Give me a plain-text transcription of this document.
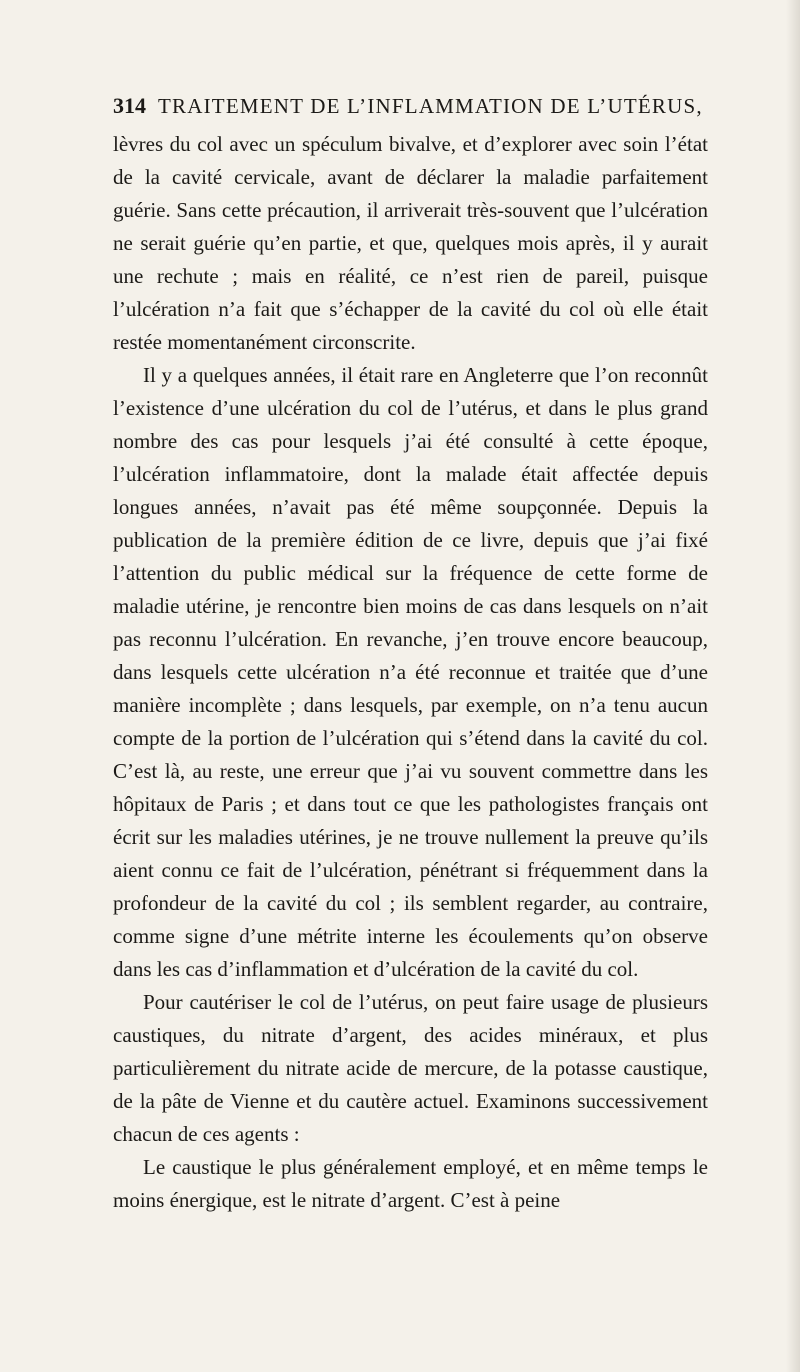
314 TRAITEMENT DE L’INFLAMMATION DE L’UTÉRUS,

lèvres du col avec un spéculum bivalve, et d’explorer avec soin l’état de la cavité cervicale, avant de déclarer la maladie parfaitement guérie. Sans cette précaution, il arriverait très-souvent que l’ulcération ne serait guérie qu’en partie, et que, quelques mois après, il y aurait une rechute ; mais en réalité, ce n’est rien de pareil, puisque l’ulcération n’a fait que s’échapper de la cavité du col où elle était restée momentanément circonscrite.

Il y a quelques années, il était rare en Angleterre que l’on reconnût l’existence d’une ulcération du col de l’utérus, et dans le plus grand nombre des cas pour lesquels j’ai été consulté à cette époque, l’ulcération inflammatoire, dont la malade était affectée depuis longues années, n’avait pas été même soupçonnée. Depuis la publication de la première édition de ce livre, depuis que j’ai fixé l’attention du public médical sur la fréquence de cette forme de maladie utérine, je rencontre bien moins de cas dans lesquels on n’ait pas reconnu l’ulcération. En revanche, j’en trouve encore beaucoup, dans lesquels cette ulcération n’a été reconnue et traitée que d’une manière incomplète ; dans lesquels, par exemple, on n’a tenu aucun compte de la portion de l’ulcération qui s’étend dans la cavité du col. C’est là, au reste, une erreur que j’ai vu souvent commettre dans les hôpitaux de Paris ; et dans tout ce que les pathologistes français ont écrit sur les maladies utérines, je ne trouve nullement la preuve qu’ils aient connu ce fait de l’ulcération, pénétrant si fréquemment dans la profondeur de la cavité du col ; ils semblent regarder, au contraire, comme signe d’une métrite interne les écoulements qu’on observe dans les cas d’inflammation et d’ulcération de la cavité du col.

Pour cautériser le col de l’utérus, on peut faire usage de plusieurs caustiques, du nitrate d’argent, des acides minéraux, et plus particulièrement du nitrate acide de mercure, de la potasse caustique, de la pâte de Vienne et du cautère actuel. Examinons successivement chacun de ces agents :

Le caustique le plus généralement employé, et en même temps le moins énergique, est le nitrate d’argent. C’est à peine
